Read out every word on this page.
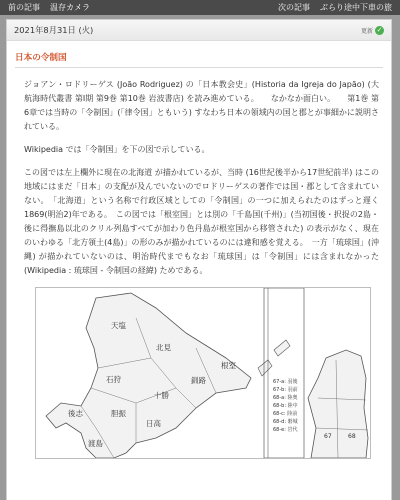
前の記事 温存カメラ	次の記事 ぶらり途中下車の旅
2021年8月31日 (火)	更新 ✓
日本の令制国

ジョアン・ロドリーゲス (João Rodriguez) の「日本教会史」(Historia da Igreja do Japão) (大航海時代叢書 第I期 第9巻 第10巻 岩波書店) を読み進めている。　　なかなか面白い。　　第1巻 第6章では当時の「令制国」(「律令国」ともいう) すなわち日本の領域内の国と郡とが事細かに説明されている。

Wikipedia では「令制国」を下の図で示している。

この図では左上欄外に現在の北海道 が描かれているが、当時 (16世紀後半から17世紀前半) はこの地域にはまだ「日本」の支配が及んでいないのでロドリーゲスの著作では国・郡として含まれていない。　「北海道」という名称で行政区域としての「令制国」の一つに加えられたのはずっと遅く 1869(明治2)年である。　この図では「根室国」とは別の「千島国(千州)」(当初国後・択捉の2島・後に得撫島以北のクリル列島すべてが加わり色丹島が根室国から移管された) の表示がなく、現在のいわゆる「北方領土(4島)」の形のみが描かれているのには違和感を覚える。　一方「琉球国」(沖縄) が描かれていないのは、明治時代までもなお「琉球国」は「令制国」には含まれなかった (Wikipedia : 琉球国 - 令制国の経緯) ためである。

北見
天塩
石狩	釧路
十勝
日高
胆振
後志
渡島
根室
67-a: 羽後
67-b: 羽前
68-a: 陸奥
68-b: 陸中
68-c: 陸前
68-d: 磐城
68-e: 岩代
67	68
